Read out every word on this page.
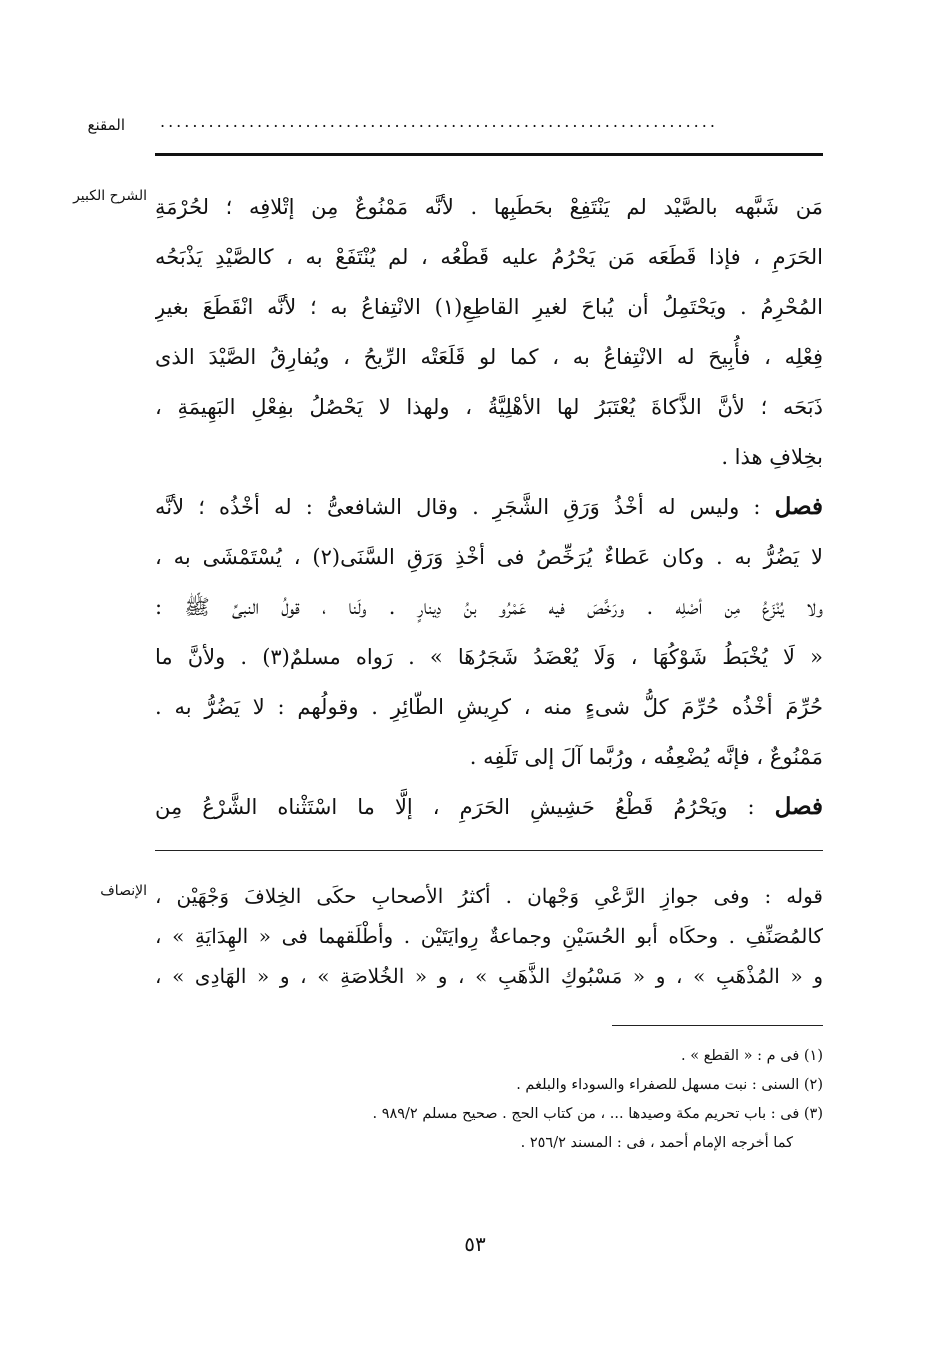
المقنع .....................................................................
الشرح الكبير مَن شَبَّهه بالصَّيْد لم يَنْتَفِعْ بحَطَبِها . لأنَّه مَمْنُوعٌ مِن إتْلافِه ؛ لحُرْمَةِ
الحَرَمِ ، فإذا قَطَعَه مَن يَحْرُمُ عليه قَطْعُه ، لم يُنْتَفَعْ به ، كالصَّيْدِ يَذْبَحُه
المُحْرِمُ . ويَحْتَمِلُ أن يُباحَ لغيرِ القاطِعِ(١) الانْتِفاعُ به ؛ لأنَّه انْقَطَعَ بغيرِ
فِعْلِه ، فأُبِيحَ له الانْتِفاعُ به ، كما لو قَلَعَتْه الرِّيحُ ، ويُفارِقُ الصَّيْدَ الذى
ذَبَحَه ؛ لأنَّ الذَّكاةَ يُعْتَبَرُ لها الأهْلِيَّةُ ، ولهذا لا يَحْصُلُ بفِعْلِ البَهِيمَةِ ،
بخِلافِ هذا .
فصل : وليس له أخْذُ وَرَقِ الشَّجَرِ . وقال الشافعىُّ : له أخْذُه ؛ لأنَّه
لا يَضُرُّ به . وكان عَطاءٌ يُرَخِّصُ فى أخْذِ وَرَقِ السَّنَى(٢) ، يُسْتَمْشَى به ،
ولا يُنْزَعُ مِن أصْلِه . ورَخَّصَ فيه عَمْرُو بنُ دِينارٍ . ولَنا ، قولُ النبىِّ ﷺ :
« لَا يُخْبَطُ شَوْكُهَا ، وَلَا يُعْضَدُ شَجَرُهَا » . رَواه مسلمٌ(٣) . ولأنَّ ما
حُرِّمَ أخْذُه حُرِّمَ كلُّ شىءٍ منه ، كرِيشِ الطّائِرِ . وقولُهم : لا يَضُرُّ به .
مَمْنُوعٌ ، فإنَّه يُضْعِفُه ، ورُبَّما آلَ إلى تَلَفِه .
فصل : ويَحْرُمُ قَطْعُ حَشِيشِ الحَرَمِ ، إلَّا ما اسْتَثْناه الشَّرْعُ مِن
الإنصاف قوله : وفى جوازِ الرَّعْىِ وَجْهان . أكثرُ الأصحابِ حكَى الخِلافَ وَجْهَيْن ،
كالمُصَنِّفِ . وحكَاه أبو الحُسَيْنِ وجماعةٌ رِوايَتَيْن . وأطْلَقهما فى « الهِدَايَةِ » ،
و « المُذْهَبِ » ، و « مَسْبُوكِ الذَّهَبِ » ، و « الخُلاصَةِ » ، و « الهَادِى » ،
(١) فى م : « القطع » .
(٢) السنى : نبت مسهل للصفراء والسوداء والبلغم .
(٣) فى : باب تحريم مكة وصيدها ... ، من كتاب الحج . صحيح مسلم ٩٨٩/٢ .
كما أخرجه الإمام أحمد ، فى : المسند ٢٥٦/٢ .
٥٣
